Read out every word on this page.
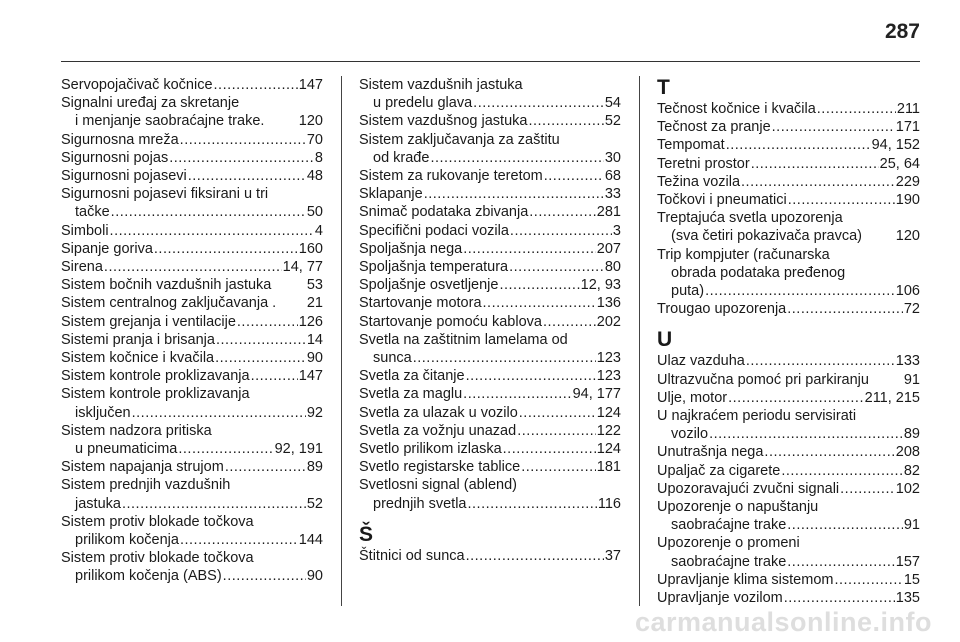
287
Servopojačivač kočnice .....	147
Signalni uređaj za skretanje
i menjanje saobraćajne trake.	120
Sigurnosna mreža .....	70
Sigurnosni pojas .....	8
Sigurnosni pojasevi .....	48
Sigurnosni pojasevi fiksirani u tri
tačke .....	50
Simboli .....	4
Sipanje goriva .....	160
Sirena .....	14, 77
Sistem bočnih vazdušnih jastuka	53
Sistem centralnog zaključavanja .	21
Sistem grejanja i ventilacije .....	126
Sistemi pranja i brisanja .....	14
Sistem kočnice i kvačila .....	90
Sistem kontrole proklizavanja .....	147
Sistem kontrole proklizavanja
isključen .....	92
Sistem nadzora pritiska
u pneumaticima .....	92, 191
Sistem napajanja strujom .....	89
Sistem prednjih vazdušnih
jastuka .....	52
Sistem protiv blokade točkova
prilikom kočenja .....	144
Sistem protiv blokade točkova
prilikom kočenja (ABS) .....	90
Sistem vazdušnih jastuka
u predelu glava .....	54
Sistem vazdušnog jastuka .....	52
Sistem zaključavanja za zaštitu
od krađe .....	30
Sistem za rukovanje teretom .....	68
Sklapanje .....	33
Snimač podataka zbivanja .....	281
Specifični podaci vozila .....	3
Spoljašnja nega .....	207
Spoljašnja temperatura .....	80
Spoljašnje osvetljenje .....	12, 93
Startovanje motora .....	136
Startovanje pomoću kablova .....	202
Svetla na zaštitnim lamelama od
sunca .....	123
Svetla za čitanje .....	123
Svetla za maglu .....	94, 177
Svetla za ulazak u vozilo .....	124
Svetla za vožnju unazad .....	122
Svetlo prilikom izlaska .....	124
Svetlo registarske tablice .....	181
Svetlosni signal (ablend)
prednjih svetla .....	116
Š
Štitnici od sunca .....	37
T
Tečnost kočnice i kvačila .....	211
Tečnost za pranje .....	171
Tempomat .....	94, 152
Teretni prostor .....	25, 64
Težina vozila .....	229
Točkovi i pneumatici .....	190
Treptajuća svetla upozorenja
(sva četiri pokazivača pravca)	120
Trip kompjuter (računarska
obrada podataka pređenog
puta) .....	106
Trougao upozorenja .....	72
U
Ulaz vazduha .....	133
Ultrazvučna pomoć pri parkiranju	91
Ulje, motor .....	211, 215
U najkraćem periodu servisirati
vozilo .....	89
Unutrašnja nega .....	208
Upaljač za cigarete .....	82
Upozoravajući zvučni signali .....	102
Upozorenje o napuštanju
saobraćajne trake .....	91
Upozorenje o promeni
saobraćajne trake .....	157
Upravljanje klima sistemom .....	15
Upravljanje vozilom .....	135
carmanualsonline.info
